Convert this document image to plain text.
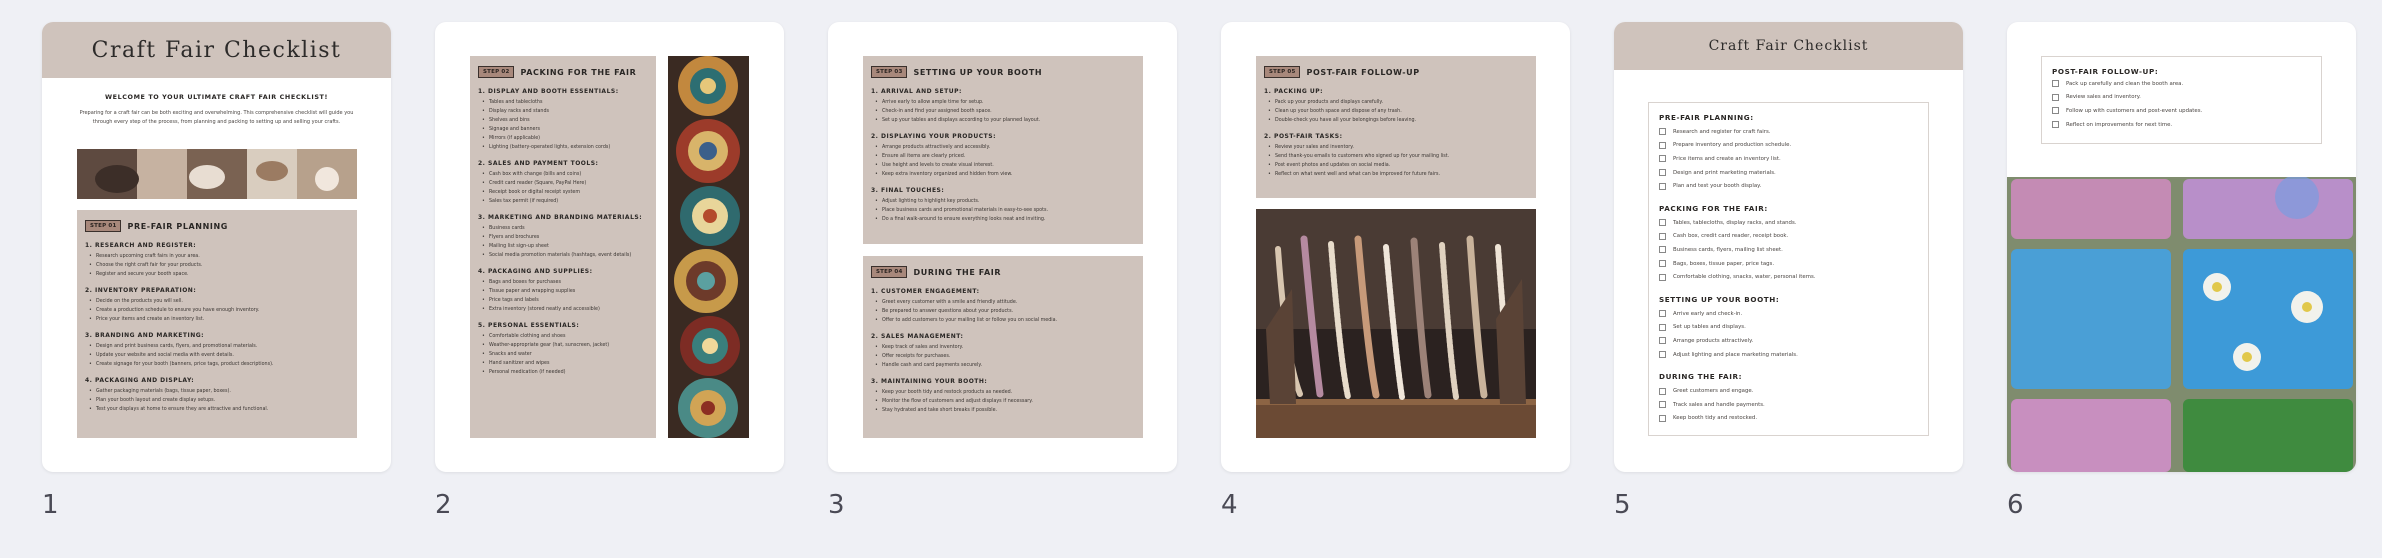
Craft Fair Checklist
WELCOME TO YOUR ULTIMATE CRAFT FAIR CHECKLIST!
Preparing for a craft fair can be both exciting and overwhelming. This comprehensive checklist will guide you through every step of the process, from planning and packing to setting up and selling your crafts.
STEP 01	PRE-FAIR PLANNING
1. RESEARCH AND REGISTER:
• Research upcoming craft fairs in your area.
• Choose the right craft fair for your products.
• Register and secure your booth space.
2. INVENTORY PREPARATION:
• Decide on the products you will sell.
• Create a production schedule to ensure you have enough inventory.
• Price your items and create an inventory list.
3. BRANDING AND MARKETING:
• Design and print business cards, flyers, and promotional materials.
• Update your website and social media with event details.
• Create signage for your booth (banners, price tags, product descriptions).
4. PACKAGING AND DISPLAY:
• Gather packaging materials (bags, tissue paper, boxes).
• Plan your booth layout and create display setups.
• Test your displays at home to ensure they are attractive and functional.
1
STEP 02	PACKING FOR THE FAIR
1. DISPLAY AND BOOTH ESSENTIALS:
• Tables and tablecloths
• Display racks and stands
• Shelves and bins
• Signage and banners
• Mirrors (if applicable)
• Lighting (battery-operated lights, extension cords)
2. SALES AND PAYMENT TOOLS:
• Cash box with change (bills and coins)
• Credit card reader (Square, PayPal Here)
• Receipt book or digital receipt system
• Sales tax permit (if required)
3. MARKETING AND BRANDING MATERIALS:
• Business cards
• Flyers and brochures
• Mailing list sign-up sheet
• Social media promotion materials (hashtags, event details)
4. PACKAGING AND SUPPLIES:
• Bags and boxes for purchases
• Tissue paper and wrapping supplies
• Price tags and labels
• Extra inventory (stored neatly and accessible)
5. PERSONAL ESSENTIALS:
• Comfortable clothing and shoes
• Weather-appropriate gear (hat, sunscreen, jacket)
• Snacks and water
• Hand sanitizer and wipes
• Personal medication (if needed)
2
STEP 03	SETTING UP YOUR BOOTH
1. ARRIVAL AND SETUP:
• Arrive early to allow ample time for setup.
• Check-in and find your assigned booth space.
• Set up your tables and displays according to your planned layout.
2. DISPLAYING YOUR PRODUCTS:
• Arrange products attractively and accessibly.
• Ensure all items are clearly priced.
• Use height and levels to create visual interest.
• Keep extra inventory organized and hidden from view.
3. FINAL TOUCHES:
• Adjust lighting to highlight key products.
• Place business cards and promotional materials in easy-to-see spots.
• Do a final walk-around to ensure everything looks neat and inviting.
STEP 04	DURING THE FAIR
1. CUSTOMER ENGAGEMENT:
• Greet every customer with a smile and friendly attitude.
• Be prepared to answer questions about your products.
• Offer to add customers to your mailing list or follow you on social media.
2. SALES MANAGEMENT:
• Keep track of sales and inventory.
• Offer receipts for purchases.
• Handle cash and card payments securely.
3. MAINTAINING YOUR BOOTH:
• Keep your booth tidy and restock products as needed.
• Monitor the flow of customers and adjust displays if necessary.
• Stay hydrated and take short breaks if possible.
3
STEP 05	POST-FAIR FOLLOW-UP
1. PACKING UP:
• Pack up your products and displays carefully.
• Clean up your booth space and dispose of any trash.
• Double-check you have all your belongings before leaving.
2. POST-FAIR TASKS:
• Review your sales and inventory.
• Send thank-you emails to customers who signed up for your mailing list.
• Post event photos and updates on social media.
• Reflect on what went well and what can be improved for future fairs.
4
Craft Fair Checklist
PRE-FAIR PLANNING:
Research and register for craft fairs.
Prepare inventory and production schedule.
Price items and create an inventory list.
Design and print marketing materials.
Plan and test your booth display.
PACKING FOR THE FAIR:
Tables, tablecloths, display racks, and stands.
Cash box, credit card reader, receipt book.
Business cards, flyers, mailing list sheet.
Bags, boxes, tissue paper, price tags.
Comfortable clothing, snacks, water, personal items.
SETTING UP YOUR BOOTH:
Arrive early and check-in.
Set up tables and displays.
Arrange products attractively.
Adjust lighting and place marketing materials.
DURING THE FAIR:
Greet customers and engage.
Track sales and handle payments.
Keep booth tidy and restocked.
5
POST-FAIR FOLLOW-UP:
Pack up carefully and clean the booth area.
Review sales and inventory.
Follow up with customers and post-event updates.
Reflect on improvements for next time.
6
